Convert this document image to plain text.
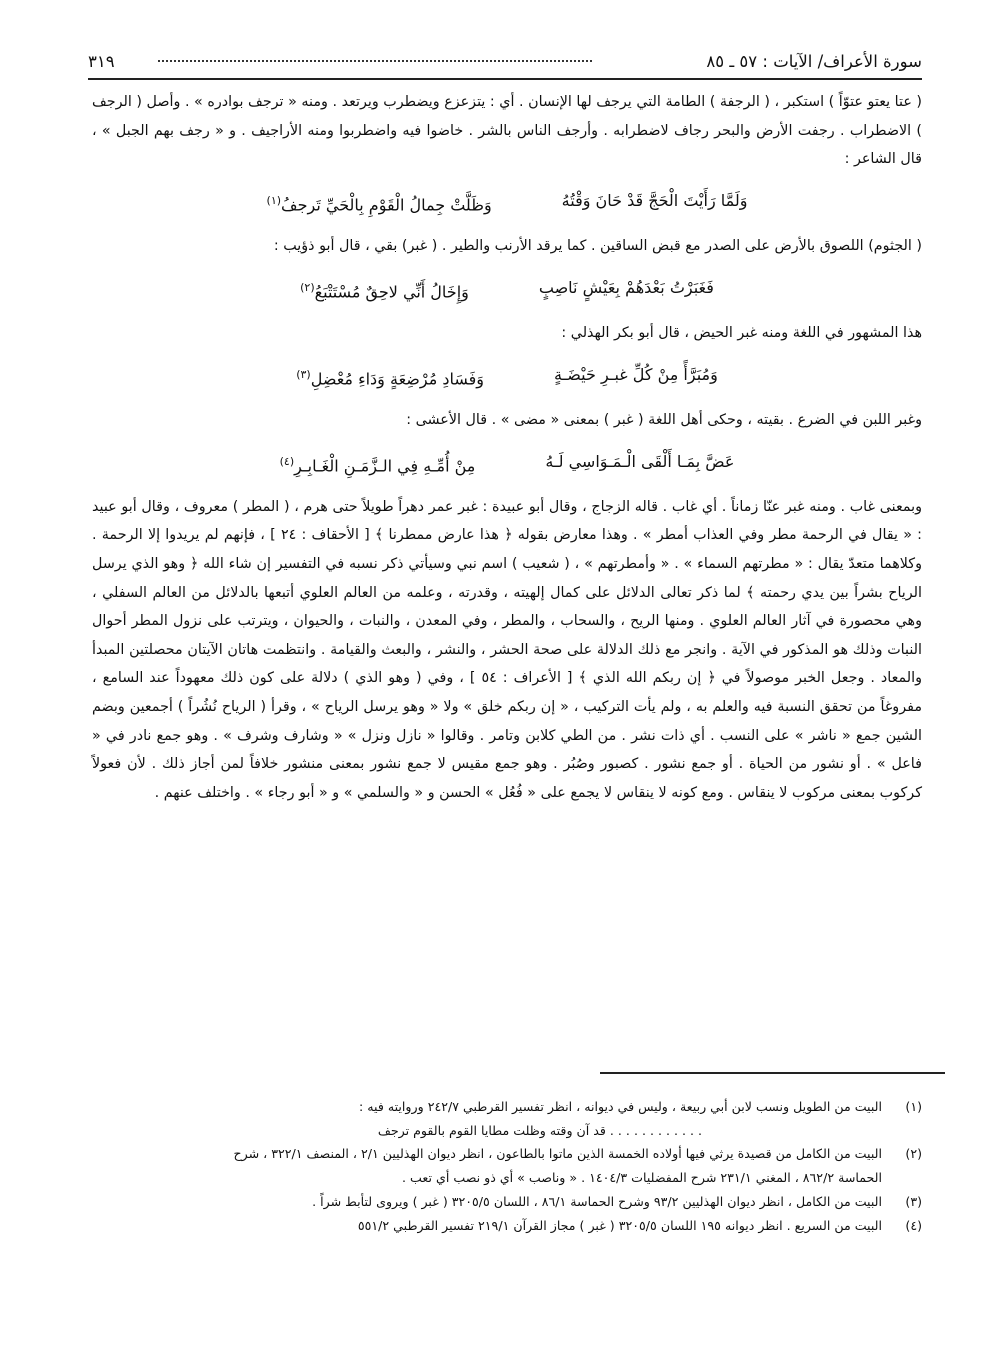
سورة الأعراف/ الآيات : ٥٧ ـ ٨٥
٣١٩

( عتا يعتو عتوّاً ) استكبر ، ( الرجفة ) الطامة التي يرجف لها الإنسان . أي : يتزعزع ويضطرب ويرتعد . ومنه « ترجف بوادره » . وأصل ( الرجف ) الاضطراب . رجفت الأرض والبحر رجاف لاضطرابه . وأرجف الناس بالشر . خاضوا فيه واضطربوا ومنه الأراجيف . و « رجف بهم الجبل » ، قال الشاعر :

وَلَمَّا رَأَيْتَ الْحَجَّ قَدْ حَانَ وَقْتُهُ
وَظَلَّتْ جِمالُ الْقَوْمِ بِالْحَيِّ تَرجفُ$^{(١)}$

( الجثوم) اللصوق بالأرض على الصدر مع قبض الساقين . كما يرقد الأرنب والطير . ( غبر) بقي ، قال أبو ذؤيب :

فَغَبَرْتُ بَعْدَهُمْ بِعَيْشٍ نَاصِبٍ
وَإِخَالُ أَنِّي لاحِقٌ مُسْتَتْبَعُ$^{(٢)}$

هذا المشهور في اللغة ومنه غبر الحيض ، قال أبو بكر الهذلي :

وَمُبَرَّأً مِنْ كُلِّ غبـرِ حَيْضَـةٍ
وَفَسَادِ مُرْضِعَةٍ وَدَاءِ مُعْضِلِ$^{(٣)}$

وغبر اللبن في الضرع . بقيته ، وحكى أهل اللغة ( غبر ) بمعنى « مضى » . قال الأعشى :

عَضَّ بِمَـا أَلْقَى الْـمَـوَاسِي لَـهُ
مِنْ أُمِّـهِ فِي الـزَّمَـنِ الْغَـابِـرِ$^{(٤)}$

وبمعنى غاب . ومنه غبر عنّا زماناً . أي غاب . قاله الزجاج ، وقال أبو عبيدة : غبر عمر دهراً طويلاً حتى هرم ، ( المطر ) معروف ، وقال أبو عبيد : « يقال في الرحمة مطر وفي العذاب أمطر » . وهذا معارض بقوله ﴿ هذا عارض ممطرنا ﴾ [ الأحقاف : ٢٤ ] ، فإنهم لم يريدوا إلا الرحمة . وكلاهما متعدّ يقال : « مطرتهم السماء » . « وأمطرتهم » ، ( شعيب ) اسم نبي وسيأتي ذكر نسبه في التفسير إن شاء الله ﴿ وهو الذي يرسل الرياح بشراً بين يدي رحمته ﴾ لما ذكر تعالى الدلائل على كمال إلهيته ، وقدرته ، وعلمه من العالم العلوي أتبعها بالدلائل من العالم السفلي ، وهي محصورة في آثار العالم العلوي . ومنها الريح ، والسحاب ، والمطر ، وفي المعدن ، والنبات ، والحيوان ، ويترتب على نزول المطر أحوال النبات وذلك هو المذكور في الآية . وانجر مع ذلك الدلالة على صحة الحشر ، والنشر ، والبعث والقيامة . وانتظمت هاتان الآيتان محصلتين المبدأ والمعاد . وجعل الخبر موصولاً في ﴿ إن ربكم الله الذي ﴾ [ الأعراف : ٥٤ ] ، وفي ( وهو الذي ) دلالة على كون ذلك معهوداً عند السامع ، مفروغاً من تحقق النسبة فيه والعلم به ، ولم يأت التركيب ، « إن ربكم خلق » ولا « وهو يرسل الرياح » ، وقرأ ( الرياح نُشُراً ) أجمعين وبضم الشين جمع « ناشر » على النسب . أي ذات نشر . من الطي كلابن وتامر . وقالوا « نازل ونزل » « وشارف وشرف » . وهو جمع نادر في « فاعل » . أو نشور من الحياة . أو جمع نشور . كصبور وصُبُر . وهو جمع مقيس لا جمع نشور بمعنى منشور خلافاً لمن أجاز ذلك . لأن فعولاً كركوب بمعنى مركوب لا ينقاس . ومع كونه لا ينقاس لا يجمع على « فُعُل » الحسن و « والسلمي » و « أبو رجاء » . واختلف عنهم .

(١)
البيت من الطويل ونسب لابن أبي ربيعة ، وليس في ديوانه ، انظر تفسير القرطبي ٢٤٢/٧ وروايته فيه :
. . . . . . . . . . . . قد آن وقته وظلت مطايا القوم بالقوم ترجف
(٢)
البيت من الكامل من قصيدة يرثي فيها أولاده الخمسة الذين ماتوا بالطاعون ، انظر ديوان الهذليين ٢/١ ، المنصف ٣٢٢/١ ، شرح الحماسة ٨٦٢/٢ ، المغني ٢٣١/١ شرح المفضليات ١٤٠٤/٣ . « وناصب » أي ذو نصب أي تعب .
(٣)
البيت من الكامل ، انظر ديوان الهذليين ٩٣/٢ وشرح الحماسة ٨٦/١ ، اللسان ٣٢٠٥/٥ ( غبر ) ويروى لتأبط شراً .
(٤)
البيت من السريع . انظر ديوانه ١٩٥ اللسان ٣٢٠٥/٥ ( غبر ) مجاز القرآن ٢١٩/١ تفسير القرطبي ٥٥١/٢
